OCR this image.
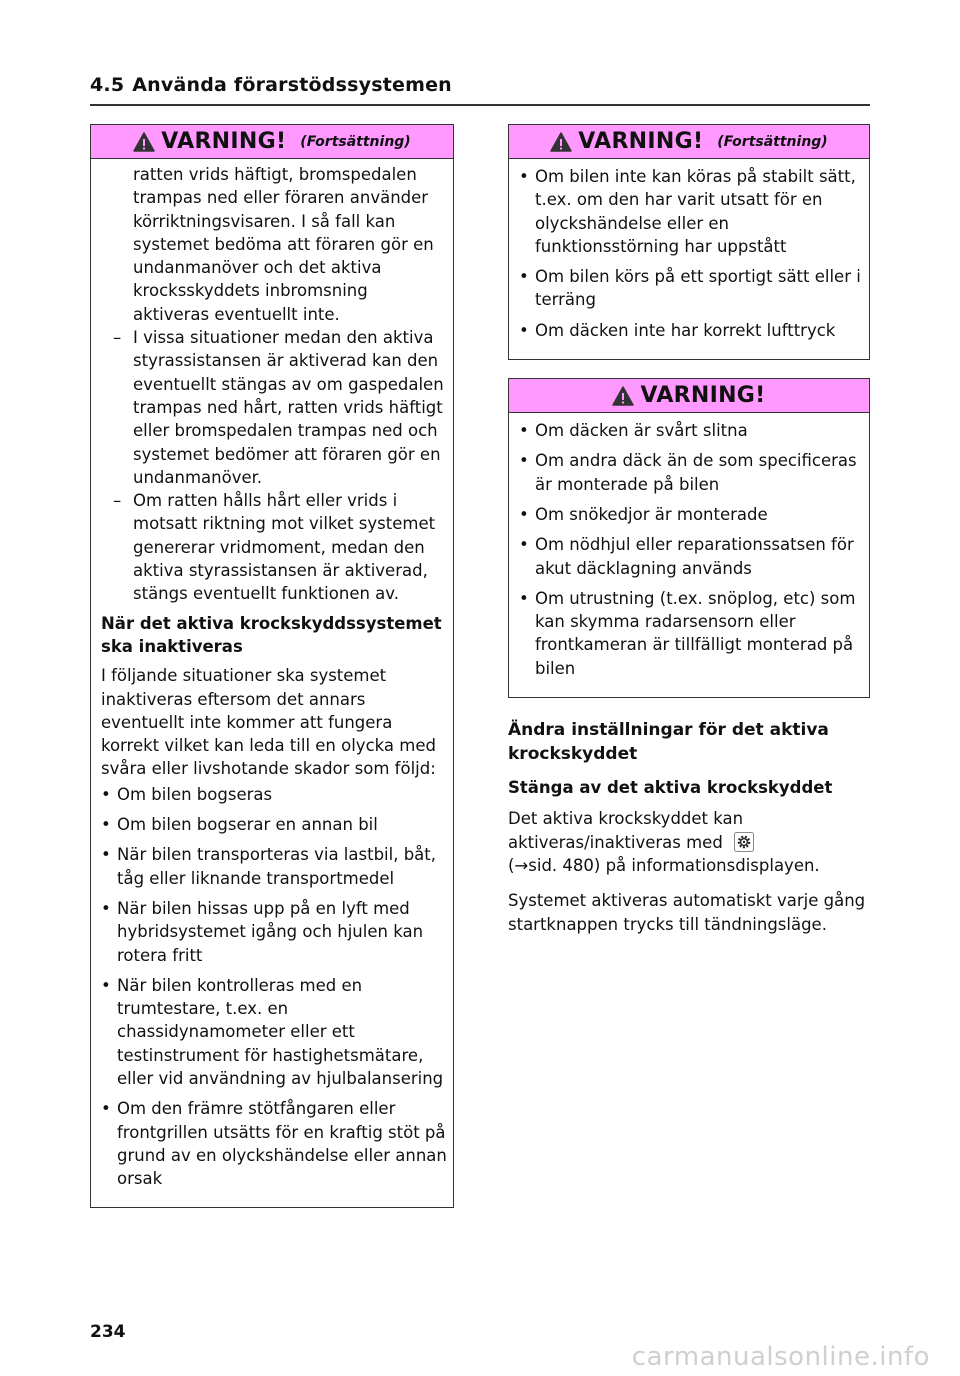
4.5 Använda förarstödssystemen
VARNING! (Fortsättning)
ratten vrids häftigt, bromspedalen trampas ned eller föraren använder körriktningsvisaren. I så fall kan systemet bedöma att föraren gör en undanmanöver och det aktiva krocksskyddets inbromsning aktiveras eventuellt inte.
– I vissa situationer medan den aktiva styrassistansen är aktiverad kan den eventuellt stängas av om gaspedalen trampas ned hårt, ratten vrids häftigt eller bromspedalen trampas ned och systemet bedömer att föraren gör en undanmanöver.
– Om ratten hålls hårt eller vrids i motsatt riktning mot vilket systemet genererar vridmoment, medan den aktiva styrassistansen är aktiverad, stängs eventuellt funktionen av.
När det aktiva krockskyddssystemet ska inaktiveras

I följande situationer ska systemet inaktiveras eftersom det annars eventuellt inte kommer att fungera korrekt vilket kan leda till en olycka med svåra eller livshotande skador som följd:

• Om bilen bogseras
• Om bilen bogserar en annan bil
• När bilen transporteras via lastbil, båt, tåg eller liknande transportmedel
• När bilen hissas upp på en lyft med hybridsystemet igång och hjulen kan rotera fritt
• När bilen kontrolleras med en trumtestare, t.ex. en chassidynamometer eller ett testinstrument för hastighetsmätare, eller vid användning av hjulbalansering
• Om den främre stötfångaren eller frontgrillen utsätts för en kraftig stöt på grund av en olyckshändelse eller annan orsak
VARNING! (Fortsättning)
• Om bilen inte kan köras på stabilt sätt, t.ex. om den har varit utsatt för en olyckshändelse eller en funktionsstörning har uppstått
• Om bilen körs på ett sportigt sätt eller i terräng
• Om däcken inte har korrekt lufttryck
VARNING!
• Om däcken är svårt slitna
• Om andra däck än de som specificeras är monterade på bilen
• Om snökedjor är monterade
• Om nödhjul eller reparationssatsen för akut däcklagning används
• Om utrustning (t.ex. snöplog, etc) som kan skymma radarsensorn eller frontkameran är tillfälligt monterad på bilen
Ändra inställningar för det aktiva krockskyddet
Stänga av det aktiva krockskyddet

Det aktiva krockskyddet kan aktiveras/inaktiveras med
(→sid. 480) på informationsdisplayen.

Systemet aktiveras automatiskt varje gång startknappen trycks till tändningsläge.

234
carmanualsonline.info
